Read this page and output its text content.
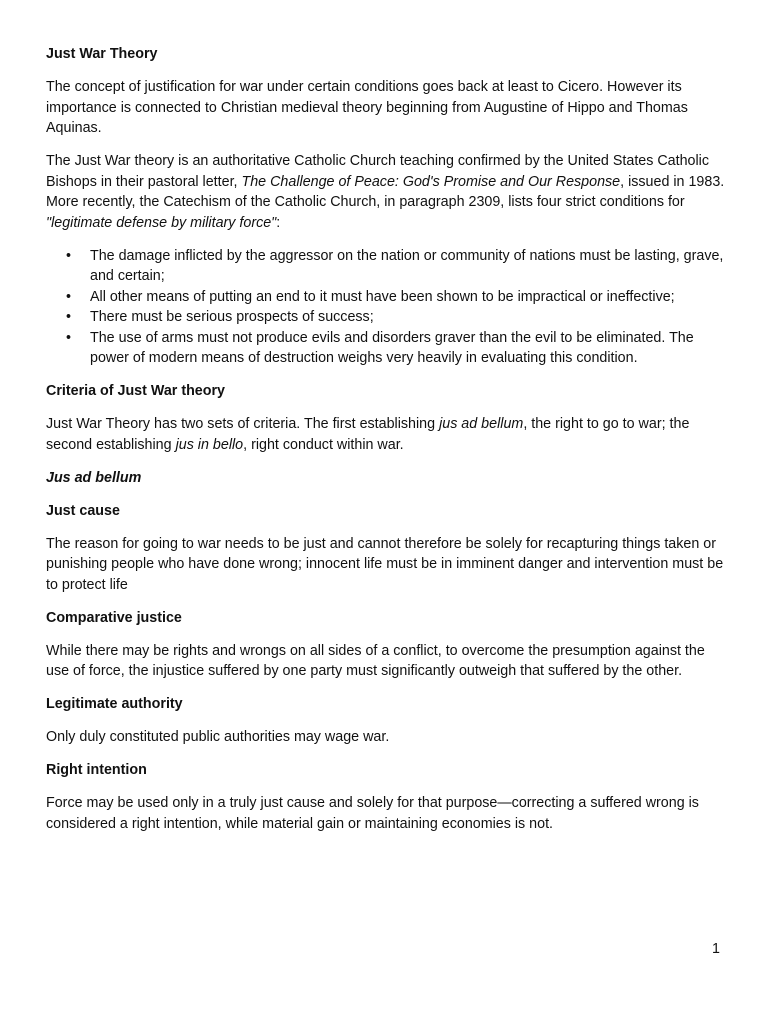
Just War Theory

The concept of justification for war under certain conditions goes back at least to Cicero. However its importance is connected to Christian medieval theory beginning from Augustine of Hippo and Thomas Aquinas.

The Just War theory is an authoritative Catholic Church teaching confirmed by the United States Catholic Bishops in their pastoral letter, The Challenge of Peace: God's Promise and Our Response, issued in 1983. More recently, the Catechism of the Catholic Church, in paragraph 2309, lists four strict conditions for "legitimate defense by military force":

• The damage inflicted by the aggressor on the nation or community of nations must be lasting, grave, and certain;
• All other means of putting an end to it must have been shown to be impractical or ineffective;
• There must be serious prospects of success;
• The use of arms must not produce evils and disorders graver than the evil to be eliminated. The power of modern means of destruction weighs very heavily in evaluating this condition.
Criteria of Just War theory

Just War Theory has two sets of criteria. The first establishing jus ad bellum, the right to go to war; the second establishing jus in bello, right conduct within war.

Jus ad bellum
Just cause

The reason for going to war needs to be just and cannot therefore be solely for recapturing things taken or punishing people who have done wrong; innocent life must be in imminent danger and intervention must be to protect life

Comparative justice

While there may be rights and wrongs on all sides of a conflict, to overcome the presumption against the use of force, the injustice suffered by one party must significantly outweigh that suffered by the other.

Legitimate authority

Only duly constituted public authorities may wage war.

Right intention

Force may be used only in a truly just cause and solely for that purpose—correcting a suffered wrong is considered a right intention, while material gain or maintaining economies is not.

1
